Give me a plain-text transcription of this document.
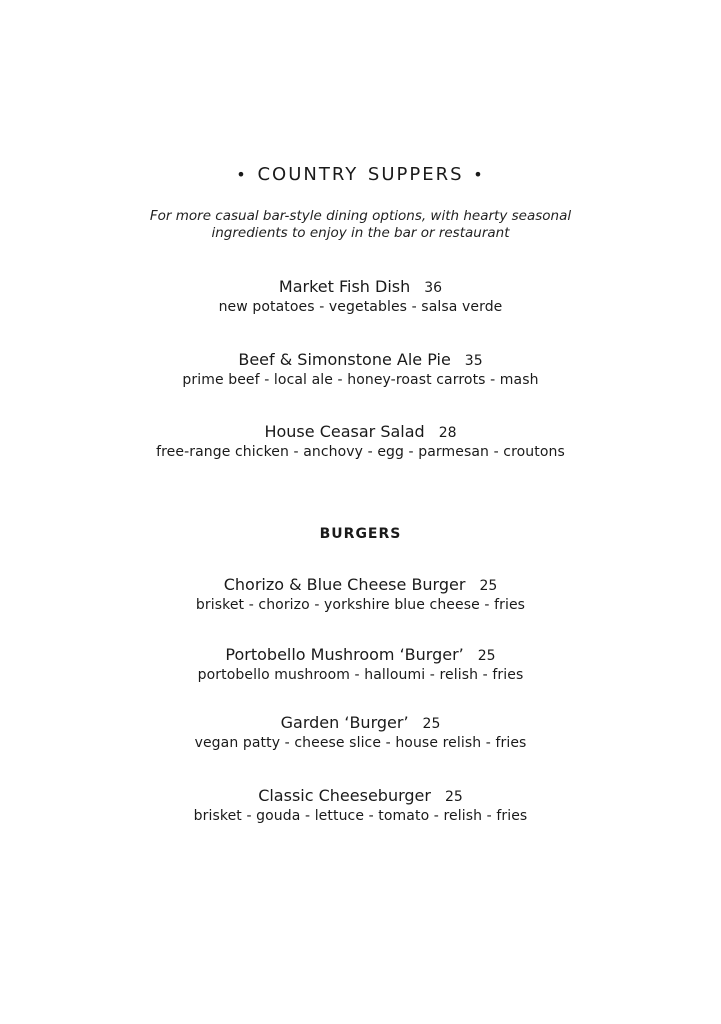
• COUNTRY SUPPERS •
For more casual bar-style dining options, with hearty seasonal
ingredients to enjoy in the bar or restaurant
Market Fish Dish 36
new potatoes - vegetables - salsa verde
Beef & Simonstone Ale Pie 35
prime beef - local ale - honey-roast carrots - mash
House Ceasar Salad 28
free-range chicken - anchovy - egg - parmesan - croutons
BURGERS
Chorizo & Blue Cheese Burger 25
brisket - chorizo - yorkshire blue cheese - fries
Portobello Mushroom ‘Burger’ 25
portobello mushroom - halloumi - relish - fries
Garden ‘Burger’ 25
vegan patty - cheese slice - house relish - fries
Classic Cheeseburger 25
brisket - gouda - lettuce - tomato - relish - fries
